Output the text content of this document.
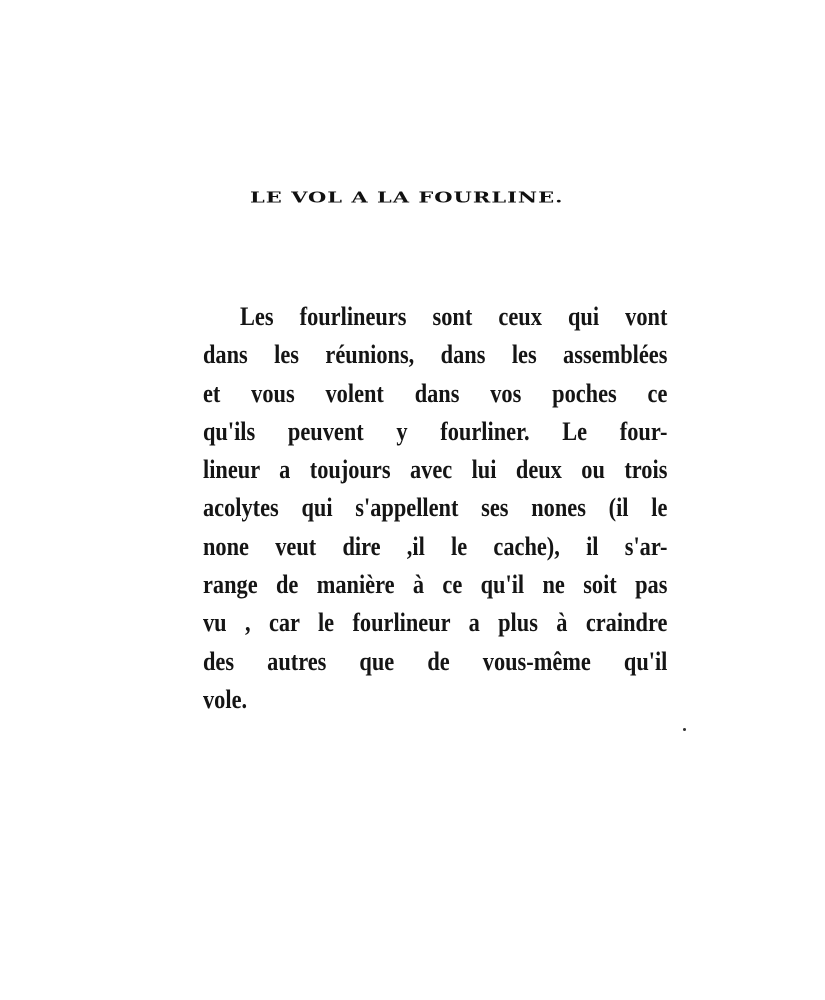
LE VOL A LA FOURLINE.
Les fourlineurs sont ceux qui vont
dans les réunions, dans les assemblées
et vous volent dans vos poches ce
qu'ils peuvent y fourliner. Le four-
lineur a toujours avec lui deux ou trois
acolytes qui s'appellent ses nones (il le
none veut dire ,il le cache), il s'ar-
range de manière à ce qu'il ne soit pas
vu , car le fourlineur a plus à craindre
des autres que de vous-même qu'il
vole.
